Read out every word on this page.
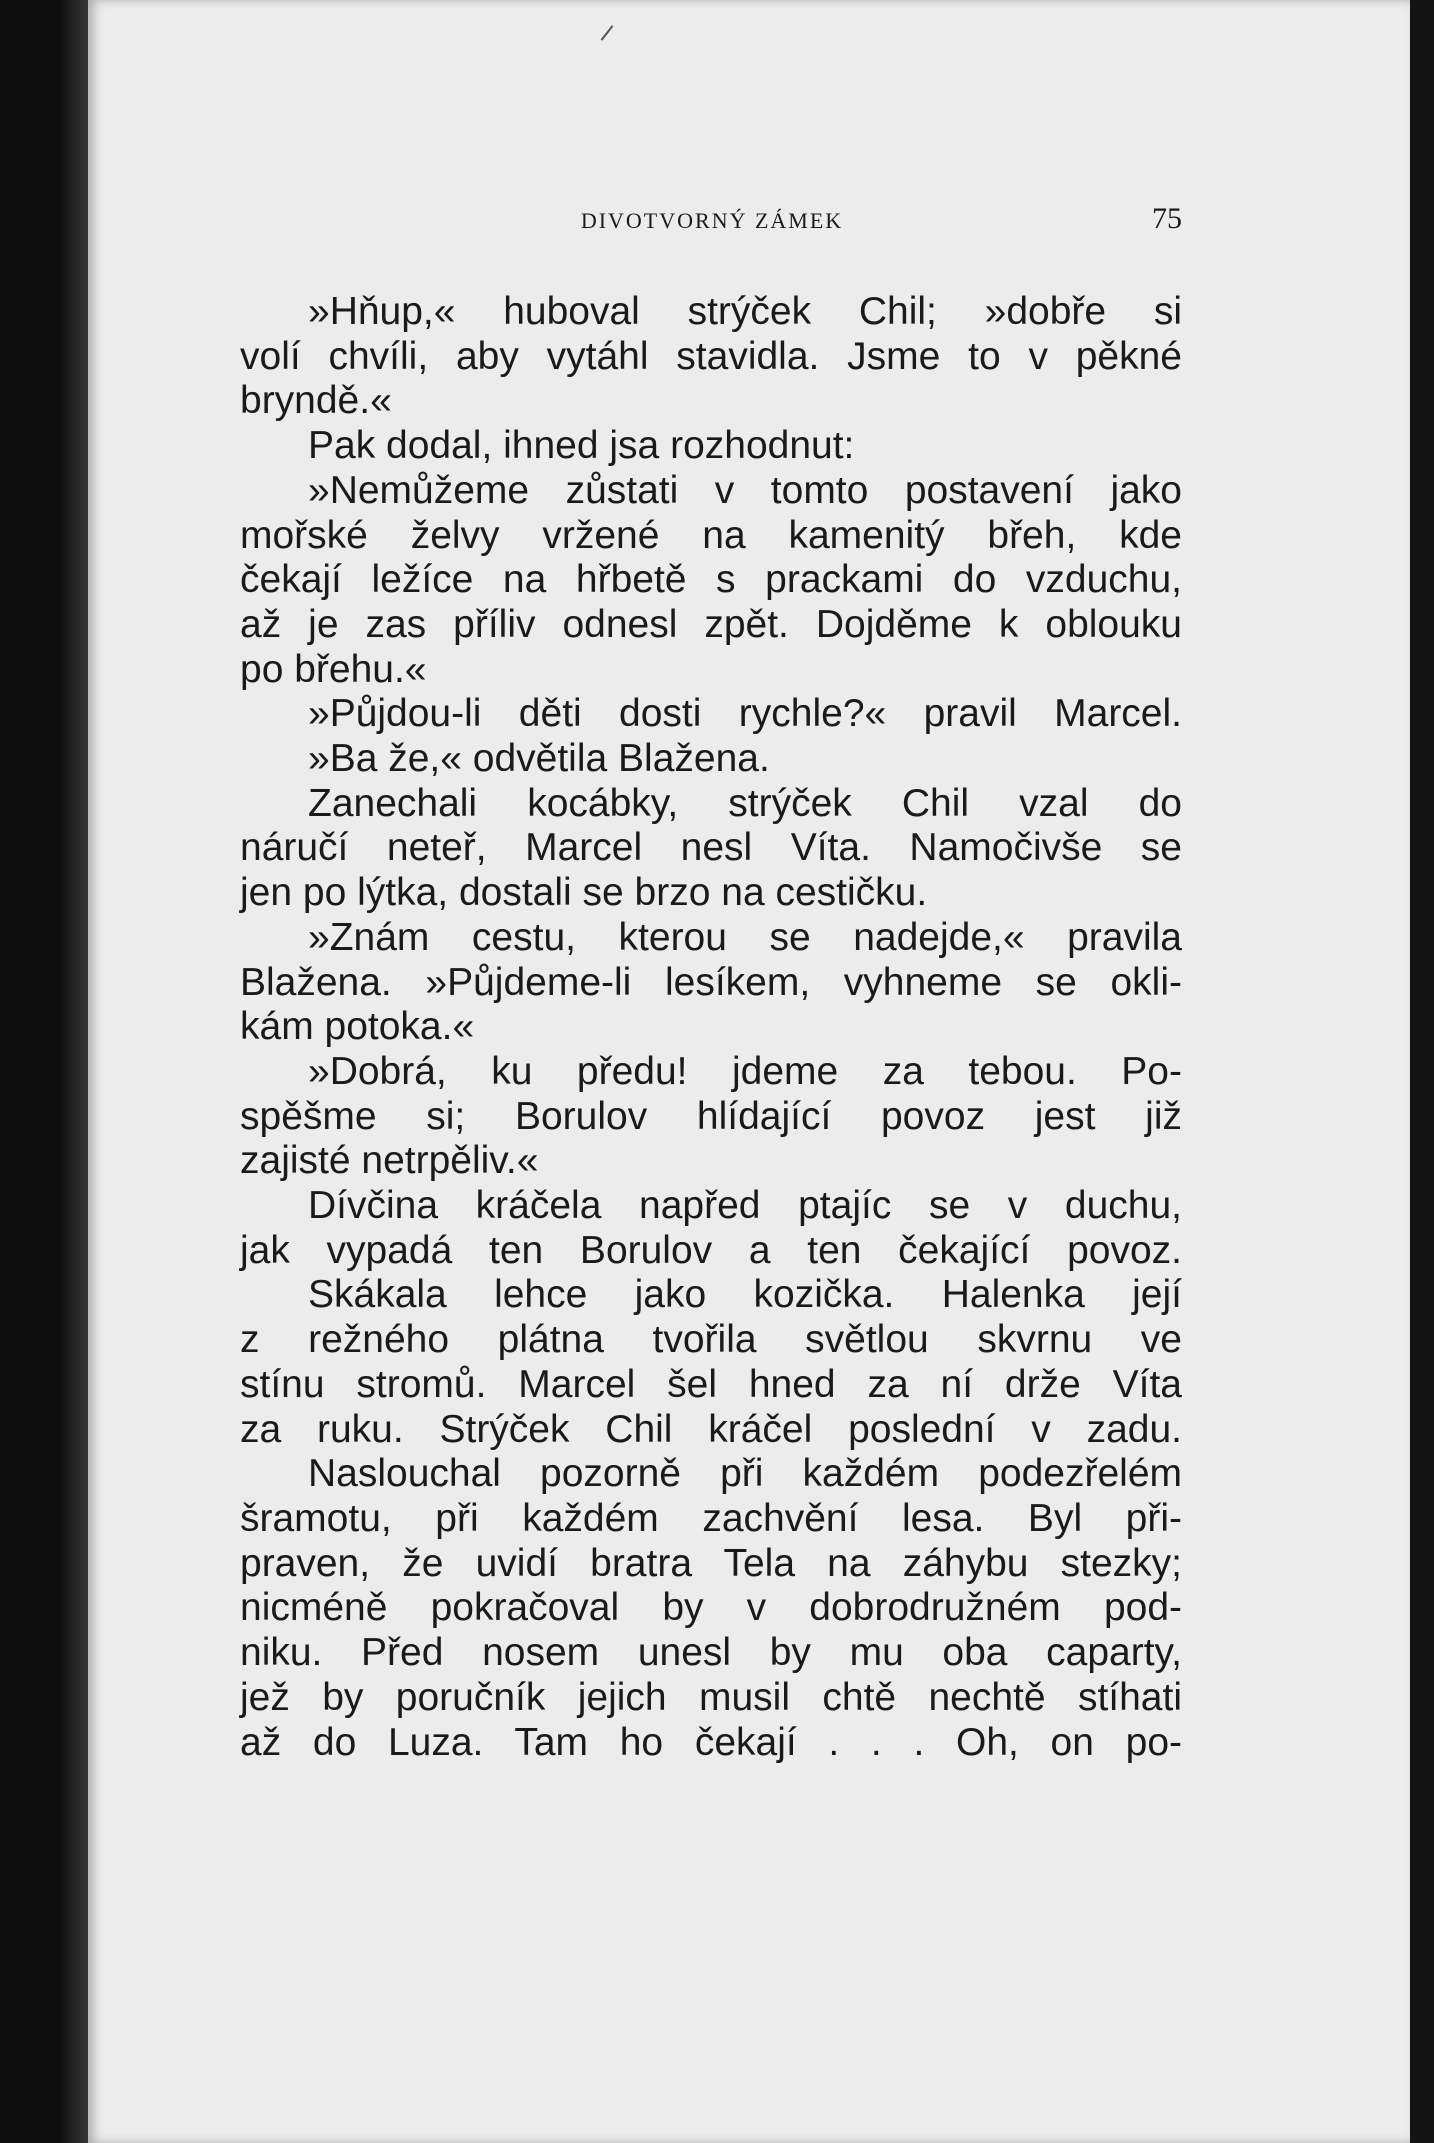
DIVOTVORNÝ ZÁMEK	75
»Hňup,« huboval strýček Chil; »dobře si
volí chvíli, aby vytáhl stavidla. Jsme to v pěkné
bryndě.«
Pak dodal, ihned jsa rozhodnut:
»Nemůžeme zůstati v tomto postavení jako
mořské želvy vržené na kamenitý břeh, kde
čekají ležíce na hřbetě s prackami do vzduchu,
až je zas příliv odnesl zpět. Dojděme k oblouku
po břehu.«
»Půjdou-li děti dosti rychle?« pravil Marcel.
»Ba že,« odvětila Blažena.
Zanechali kocábky, strýček Chil vzal do
náručí neteř, Marcel nesl Víta. Namočivše se
jen po lýtka, dostali se brzo na cestičku.
»Znám cestu, kterou se nadejde,« pravila
Blažena. »Půjdeme-li lesíkem, vyhneme se okli-
kám potoka.«
»Dobrá, ku předu! jdeme za tebou. Po-
spěšme si; Borulov hlídající povoz jest již
zajisté netrpěliv.«
Dívčina kráčela napřed ptajíc se v duchu,
jak vypadá ten Borulov a ten čekající povoz.
Skákala lehce jako kozička. Halenka její
z režného plátna tvořila světlou skvrnu ve
stínu stromů. Marcel šel hned za ní drže Víta
za ruku. Strýček Chil kráčel poslední v zadu.
Naslouchal pozorně při každém podezřelém
šramotu, při každém zachvění lesa. Byl při-
praven, že uvidí bratra Tela na záhybu stezky;
nicméně pokračoval by v dobrodružném pod-
niku. Před nosem unesl by mu oba caparty,
jež by poručník jejich musil chtě nechtě stíhati
až do Luza. Tam ho čekají . . . Oh, on po-
